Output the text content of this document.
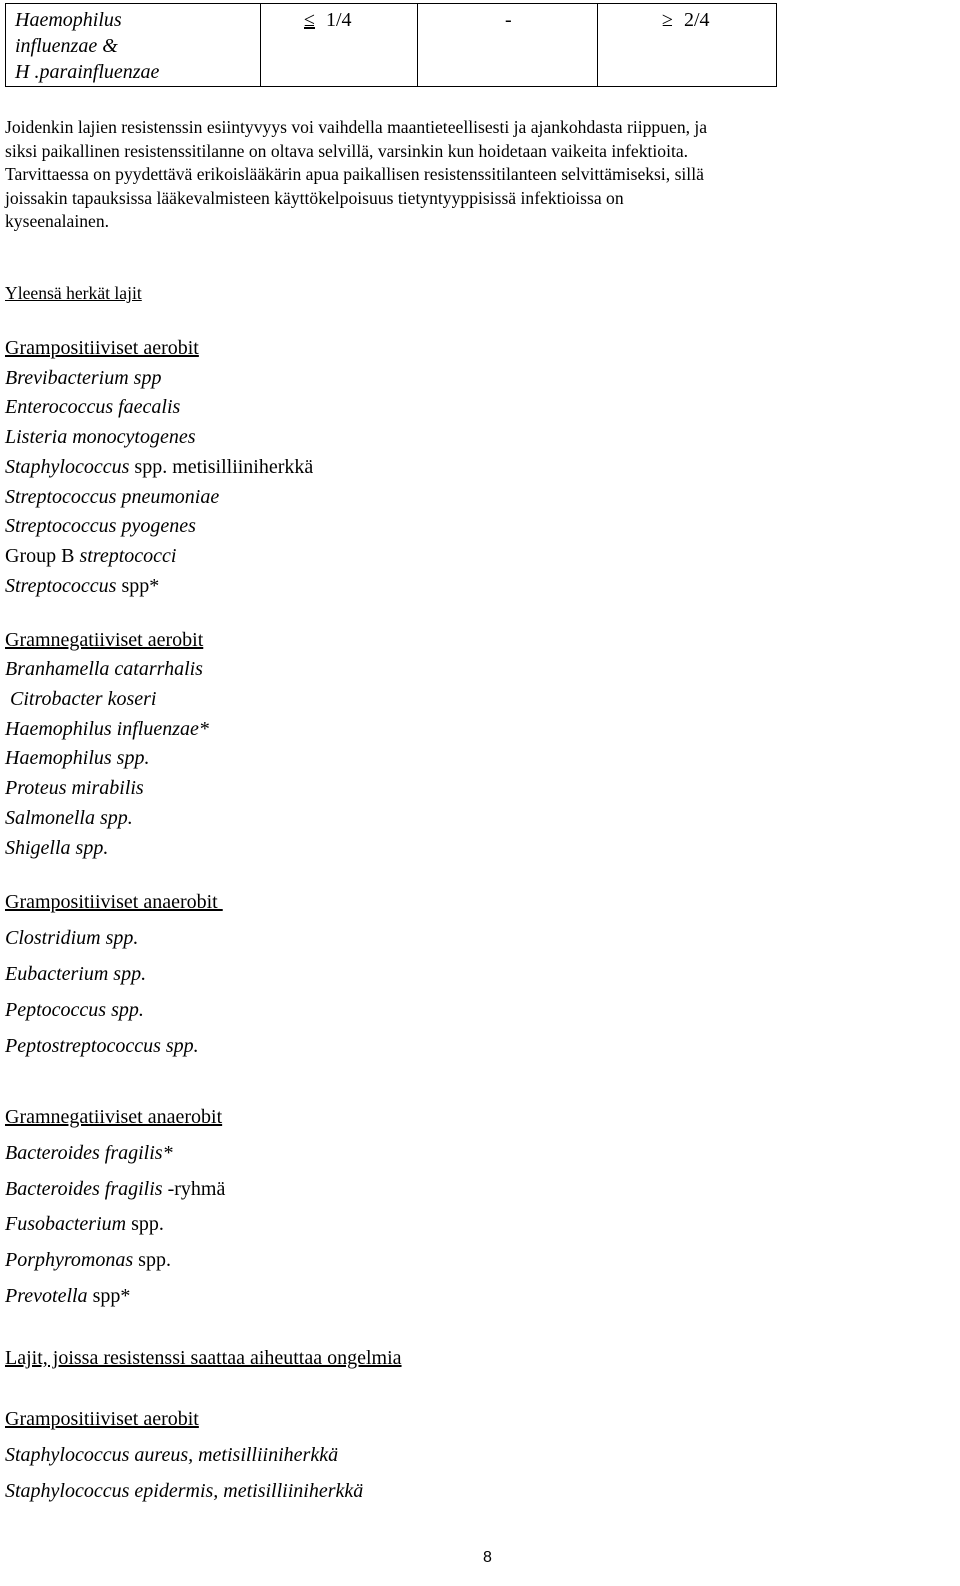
Haemophilus
influenzae &
H .parainfluenzae
≤ 1/4	-	≥ 2/4
Joidenkin lajien resistenssin esiintyvyys voi vaihdella maantieteellisesti ja ajankohdasta riippuen, ja
siksi paikallinen resistenssitilanne on oltava selvillä, varsinkin kun hoidetaan vaikeita infektioita.
Tarvittaessa on pyydettävä erikoislääkärin apua paikallisen resistenssitilanteen selvittämiseksi, sillä
joissakin tapauksissa lääkevalmisteen käyttökelpoisuus tietyntyyppisissä infektioissa on
kyseenalainen.
Yleensä herkät lajit
Grampositiiviset aerobit
Brevibacterium spp
Enterococcus faecalis
Listeria monocytogenes
Staphylococcus spp. metisilliiniherkkä
Streptococcus pneumoniae
Streptococcus pyogenes
Group B streptococci
Streptococcus spp*
Gramnegatiiviset aerobit
Branhamella catarrhalis
Citrobacter koseri
Haemophilus influenzae*
Haemophilus spp.
Proteus mirabilis
Salmonella spp.
Shigella spp.
Grampositiiviset anaerobit
Clostridium spp.
Eubacterium spp.
Peptococcus spp.
Peptostreptococcus spp.
Gramnegatiiviset anaerobit
Bacteroides fragilis*
Bacteroides fragilis -ryhmä
Fusobacterium spp.
Porphyromonas spp.
Prevotella spp*
Lajit, joissa resistenssi saattaa aiheuttaa ongelmia
Grampositiiviset aerobit
Staphylococcus aureus, metisilliiniherkkä
Staphylococcus epidermis, metisilliiniherkkä
8
